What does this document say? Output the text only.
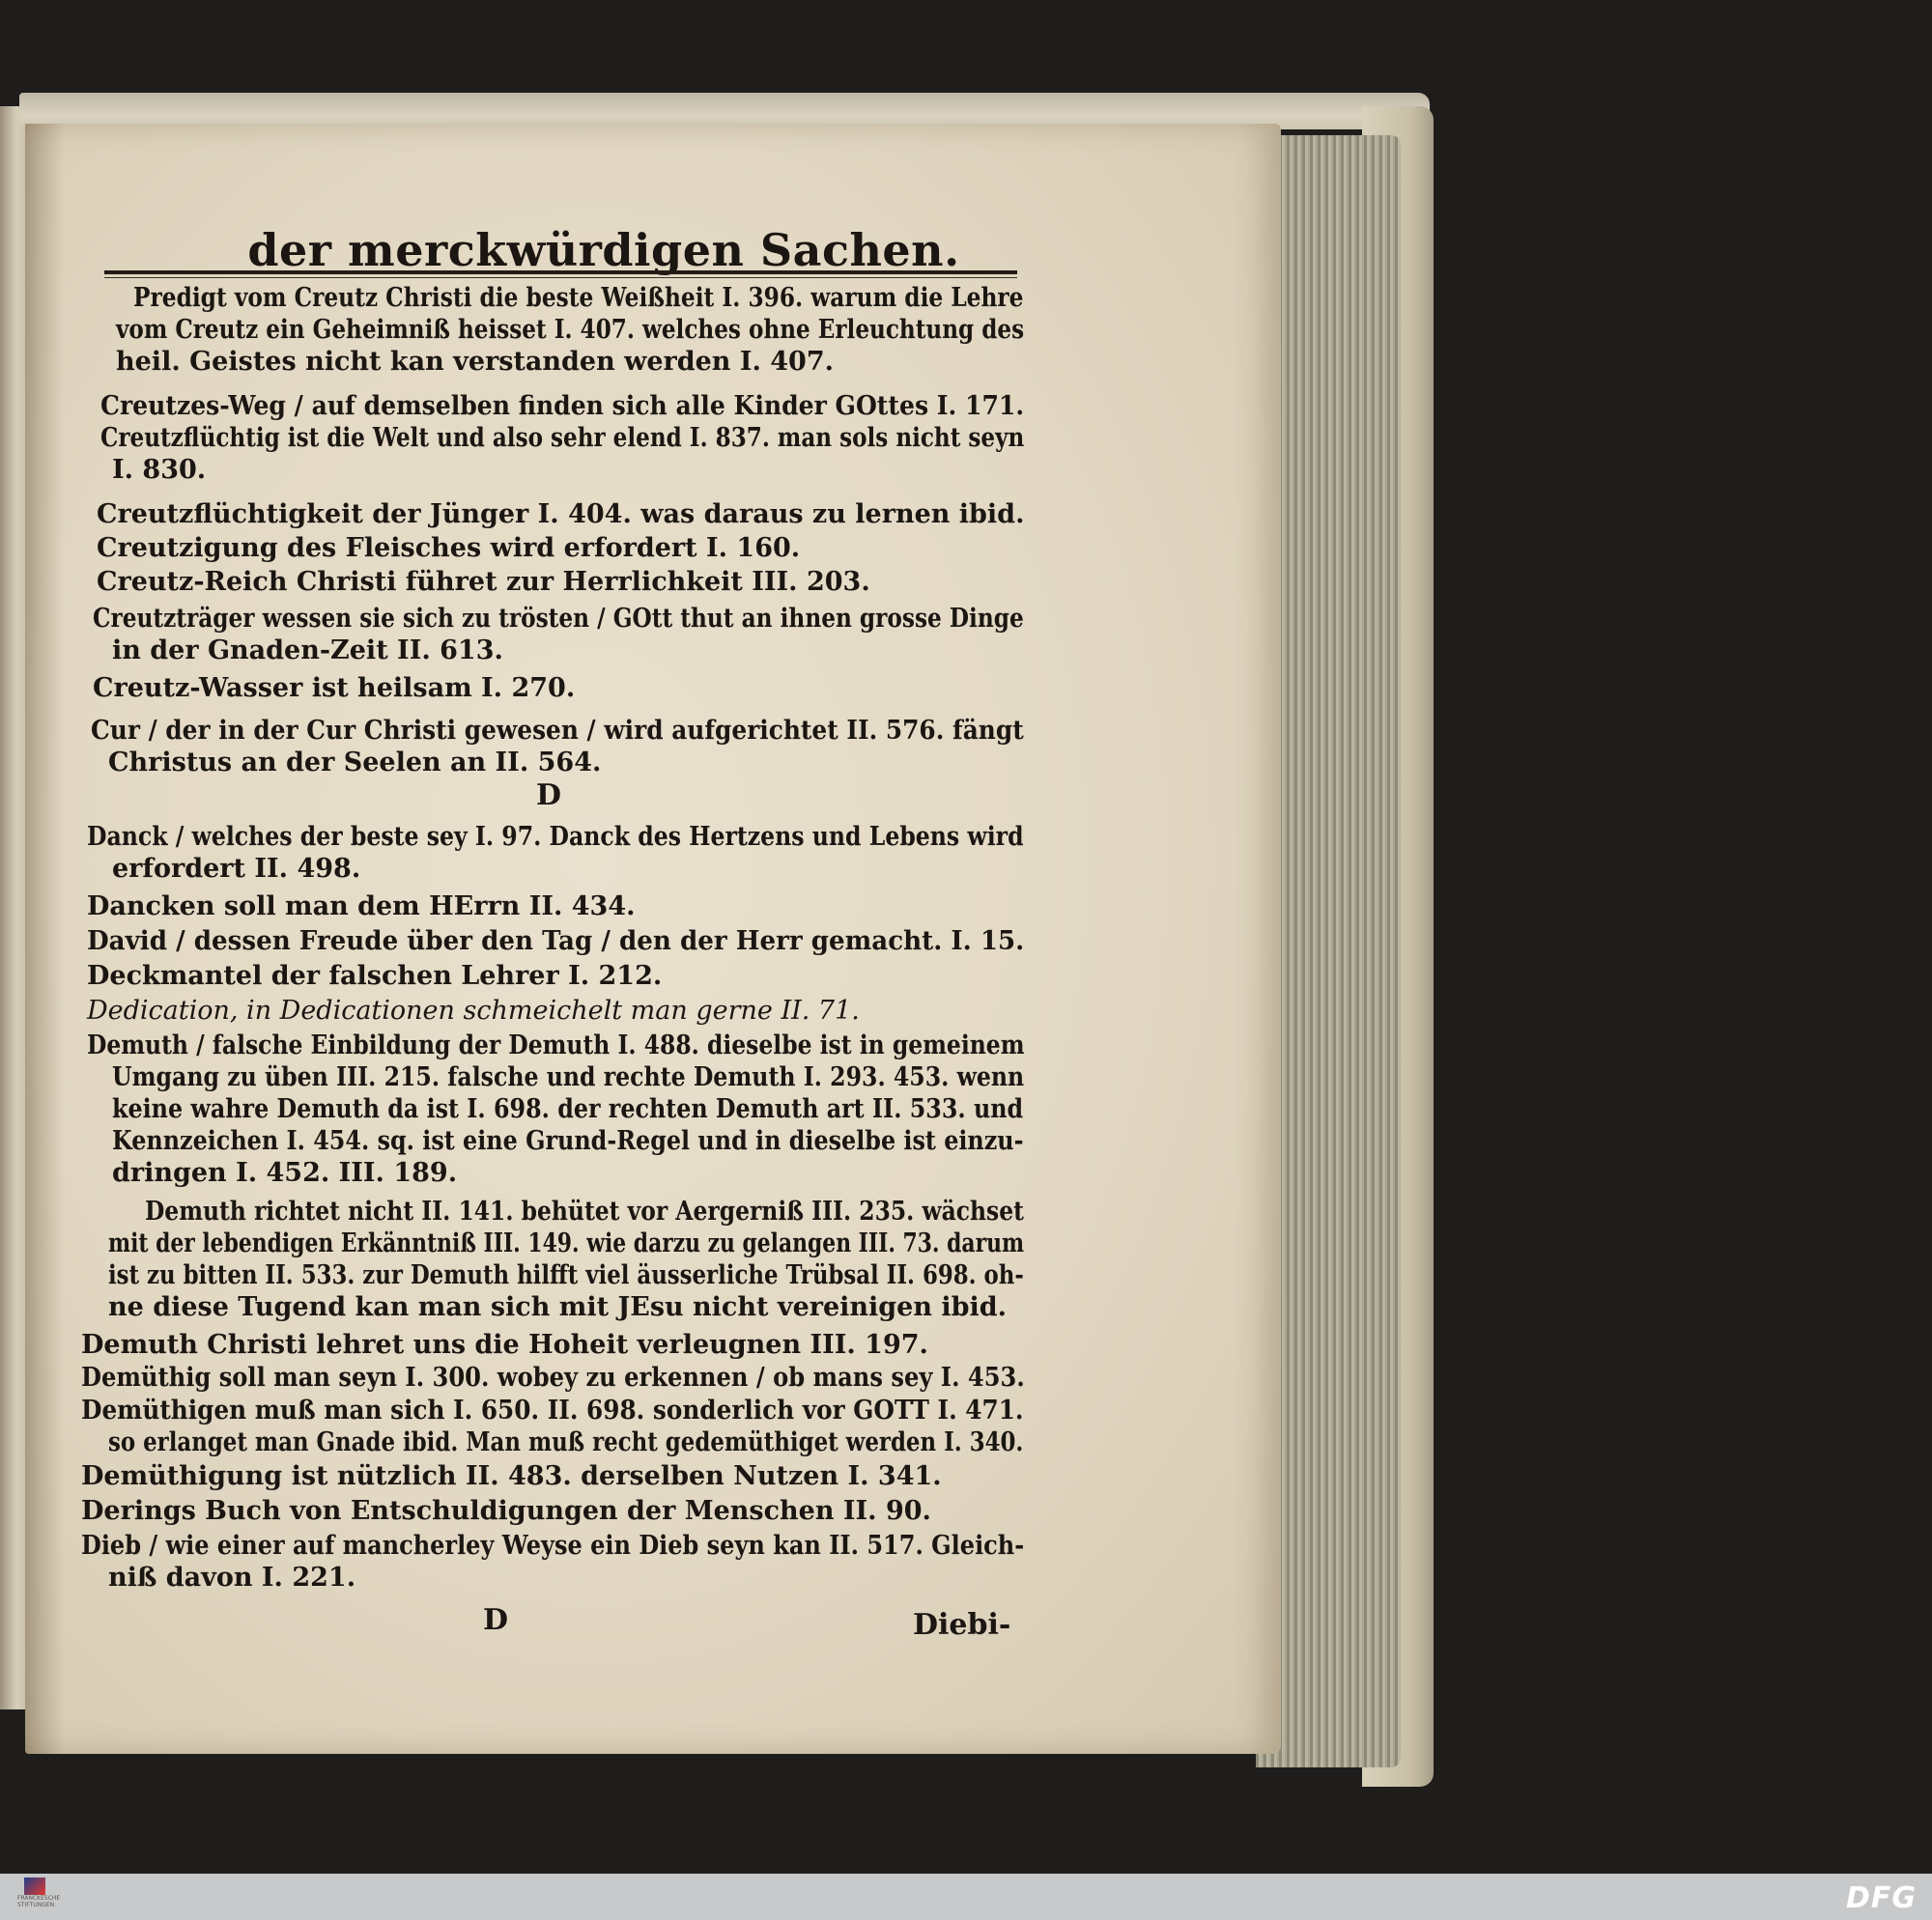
der merckwürdigen Sachen.
Predigt vom Creutz Christi die beste Weißheit I. 396. warum die Lehre
vom Creutz ein Geheimniß heisset I. 407. welches ohne Erleuchtung des
heil. Geistes nicht kan verstanden werden I. 407.
Creutzes-Weg / auf demselben finden sich alle Kinder GOttes I. 171.
Creutzflüchtig ist die Welt und also sehr elend I. 837. man sols nicht seyn
I. 830.
Creutzflüchtigkeit der Jünger I. 404. was daraus zu lernen ibid.
Creutzigung des Fleisches wird erfordert I. 160.
Creutz-Reich Christi führet zur Herrlichkeit III. 203.
Creutzträger wessen sie sich zu trösten / GOtt thut an ihnen grosse Dinge
in der Gnaden-Zeit II. 613.
Creutz-Wasser ist heilsam I. 270.
Cur / der in der Cur Christi gewesen / wird aufgerichtet II. 576. fängt
Christus an der Seelen an II. 564.
D
Danck / welches der beste sey I. 97. Danck des Hertzens und Lebens wird
erfordert II. 498.
Dancken soll man dem HErrn II. 434.
David / dessen Freude über den Tag / den der Herr gemacht. I. 15.
Deckmantel der falschen Lehrer I. 212.
Dedication, in Dedicationen schmeichelt man gerne II. 71.
Demuth / falsche Einbildung der Demuth I. 488. dieselbe ist in gemeinem
Umgang zu üben III. 215. falsche und rechte Demuth I. 293. 453. wenn
keine wahre Demuth da ist I. 698. der rechten Demuth art II. 533. und
Kennzeichen I. 454. sq. ist eine Grund-Regel und in dieselbe ist einzu-
dringen I. 452. III. 189.
Demuth richtet nicht II. 141. behütet vor Aergerniß III. 235. wächset
mit der lebendigen Erkänntniß III. 149. wie darzu zu gelangen III. 73. darum
ist zu bitten II. 533. zur Demuth hilfft viel äusserliche Trübsal II. 698. oh-
ne diese Tugend kan man sich mit JEsu nicht vereinigen ibid.
Demuth Christi lehret uns die Hoheit verleugnen III. 197.
Demüthig soll man seyn I. 300. wobey zu erkennen / ob mans sey I. 453.
Demüthigen muß man sich I. 650. II. 698. sonderlich vor GOTT I. 471.
so erlanget man Gnade ibid. Man muß recht gedemüthiget werden I. 340.
Demüthigung ist nützlich II. 483. derselben Nutzen I. 341.
Derings Buch von Entschuldigungen der Menschen II. 90.
Dieb / wie einer auf mancherley Weyse ein Dieb seyn kan II. 517. Gleich-
niß davon I. 221.
D	Diebi-
FRANCKESCHE STIFTUNGEN	DFG
